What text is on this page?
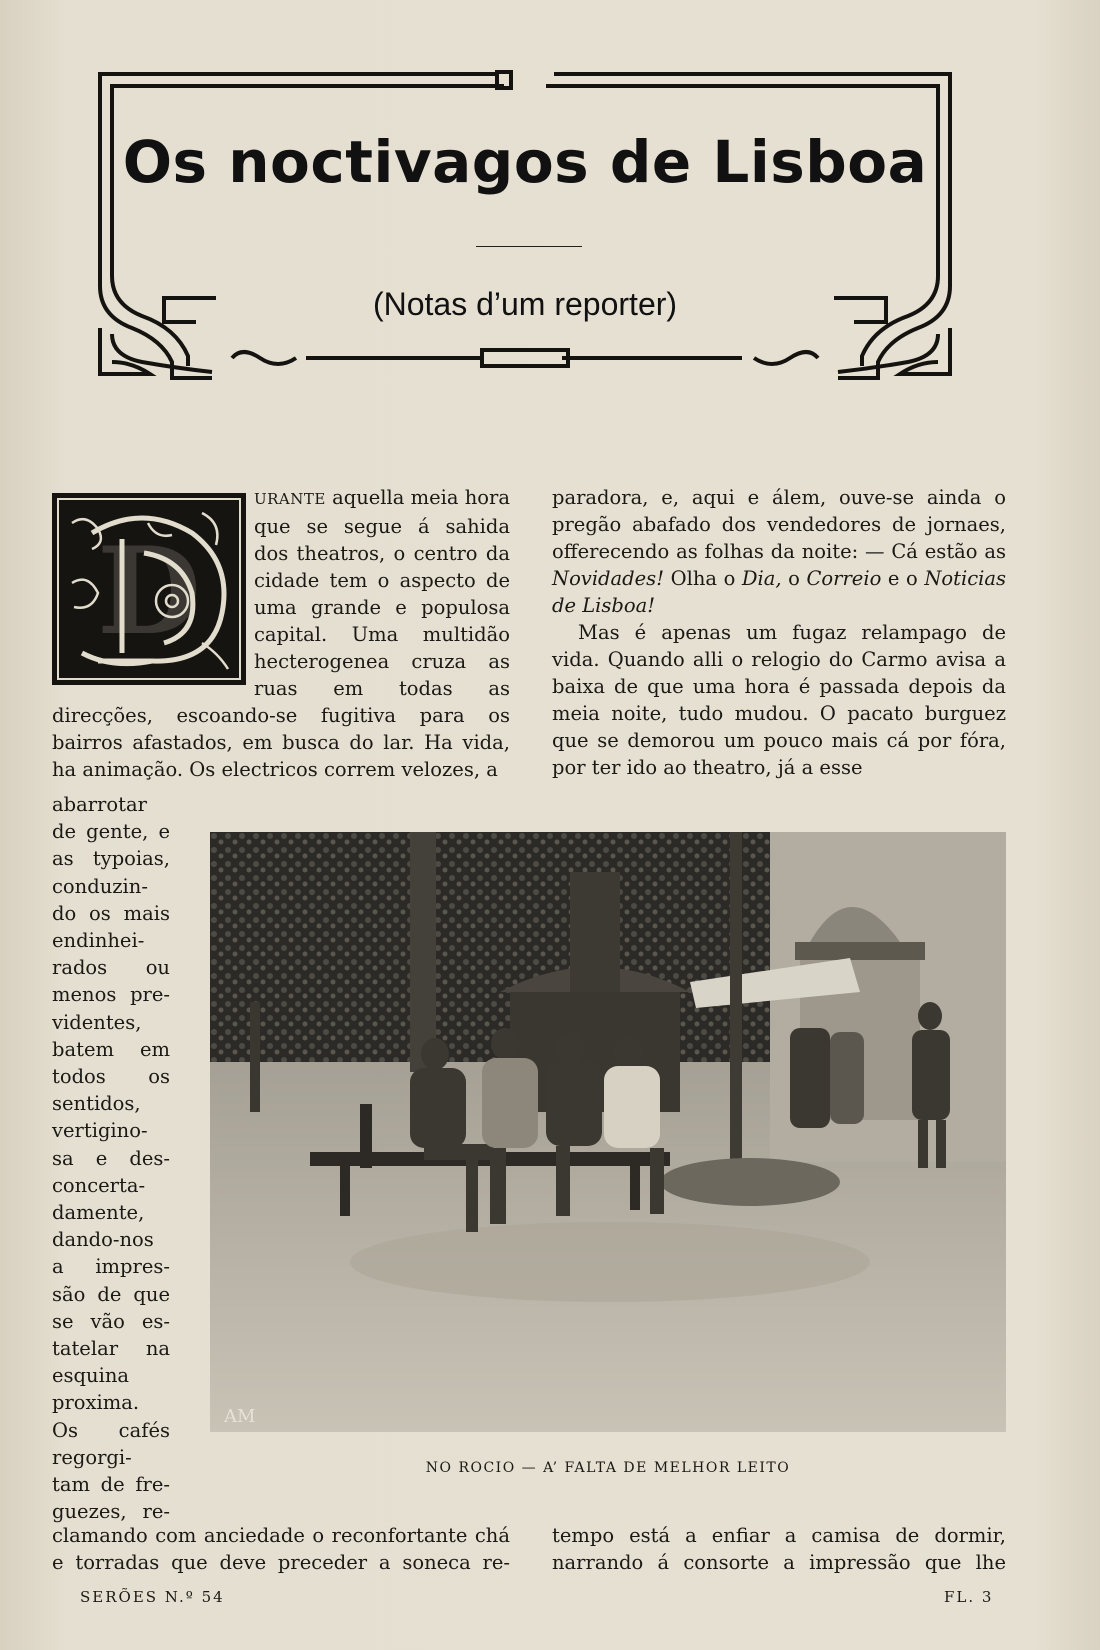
Os noctivagos de Lisboa
(Notas d’um reporter)
D

URANTE aquella meia hora que se segue á sahida dos theatros, o centro da cidade tem o aspecto de uma grande e populosa capital. Uma multidão hecterogenea cruza as ruas em todas as direcções, escoando-se fugitiva para os bairros afastados, em busca do lar. Ha vida, ha animação. Os electricos correm velozes, a

abarrotar
de gente, e
as typoias,
conduzin-
do os mais
endinhei-
rados ou
menos pre-
videntes,
batem em
todos os
sentidos,
vertigino-
sa e des-
concerta-
damente,
dando-nos
a impres-
são de que
se vão es-
tatelar na
esquina
proxima.
Os cafés
regorgi-
tam de fre-
guezes, re-

paradora, e, aqui e álem, ouve-se ainda o pregão abafado dos vendedores de jornaes, offerecendo as folhas da noite: — Cá estão as Novidades! Olha o Dia, o Correio e o Noticias de Lisboa!

Mas é apenas um fugaz relampago de vida. Quando alli o relogio do Carmo avisa a baixa de que uma hora é passada depois da meia noite, tudo mudou. O pacato burguez que se demorou um pouco mais cá por fóra, por ter ido ao theatro, já a esse

AM
NO ROCIO — A’ FALTA DE MELHOR LEITO
clamando com anciedade o reconfortante chá
e torradas que deve preceder a soneca re-
tempo está a enfiar a camisa de dormir,
narrando á consorte a impressão que lhe
SERÕES N.º 54	FL. 3
